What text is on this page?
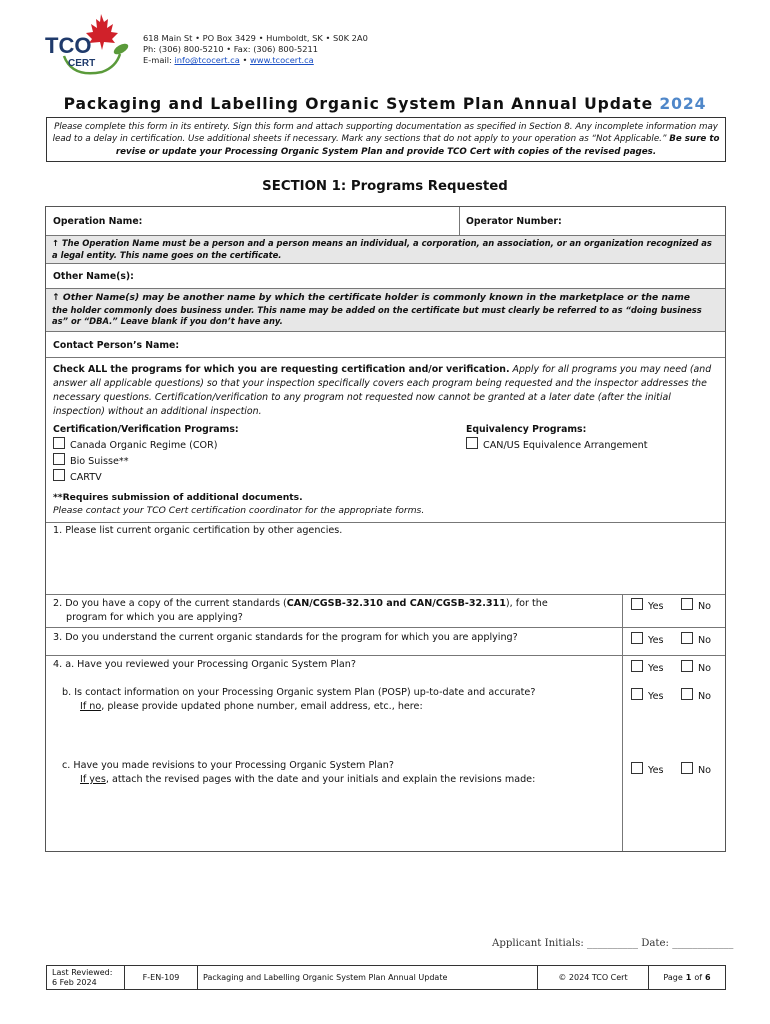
TCO
CERT
618 Main St • PO Box 3429 • Humboldt, SK • S0K 2A0
Ph: (306) 800-5210 • Fax: (306) 800-5211
E-mail: info@tcocert.ca • www.tcocert.ca
Packaging and Labelling Organic System Plan Annual Update 2024
Please complete this form in its entirety. Sign this form and attach supporting documentation as specified in Section 8. Any incomplete information may lead to a delay in certification. Use additional sheets if necessary. Mark any sections that do not apply to your operation as “Not Applicable.” Be sure to revise or update your Processing Organic System Plan and provide TCO Cert with copies of the revised pages.
SECTION 1: Programs Requested
Operation Name:	Operator Number:
↑ The Operation Name must be a person and a person means an individual, a corporation, an association, or an organization recognized as a legal entity. This name goes on the certificate.
Other Name(s):
↑ Other Name(s) may be another name by which the certificate holder is commonly known in the marketplace or the name
the holder commonly does business under. This name may be added on the certificate but must clearly be referred to as “doing business as” or “DBA.” Leave blank if you don’t have any.
Contact Person’s Name:
Check ALL the programs for which you are requesting certification and/or verification. Apply for all programs you may need (and answer all applicable questions) so that your inspection specifically covers each program being requested and the inspector addresses the necessary questions. Certification/verification to any program not requested now cannot be granted at a later date (after the initial inspection) without an additional inspection.
Certification/Verification Programs:
Canada Organic Regime (COR)
Bio Suisse**
CARTV
Equivalency Programs:
CAN/US Equivalence Arrangement
**Requires submission of additional documents.
Please contact your TCO Cert certification coordinator for the appropriate forms.
1. Please list current organic certification by other agencies.
2. Do you have a copy of the current standards (CAN/CGSB-32.310 and CAN/CGSB-32.311), for the
program for which you are applying?
Yes	No
3. Do you understand the current organic standards for the program for which you are applying?	Yes	No
4. a. Have you reviewed your Processing Organic System Plan?	Yes	No
b. Is contact information on your Processing Organic system Plan (POSP) up-to-date and accurate?
If no, please provide updated phone number, email address, etc., here:
Yes	No
c. Have you made revisions to your Processing Organic System Plan?
If yes, attach the revised pages with the date and your initials and explain the revisions made:
Yes	No
Applicant Initials: __________ Date: ____________
Last Reviewed:
6 Feb 2024	F-EN-109	Packaging and Labelling Organic System Plan Annual Update	© 2024 TCO Cert	Page 1 of 6
